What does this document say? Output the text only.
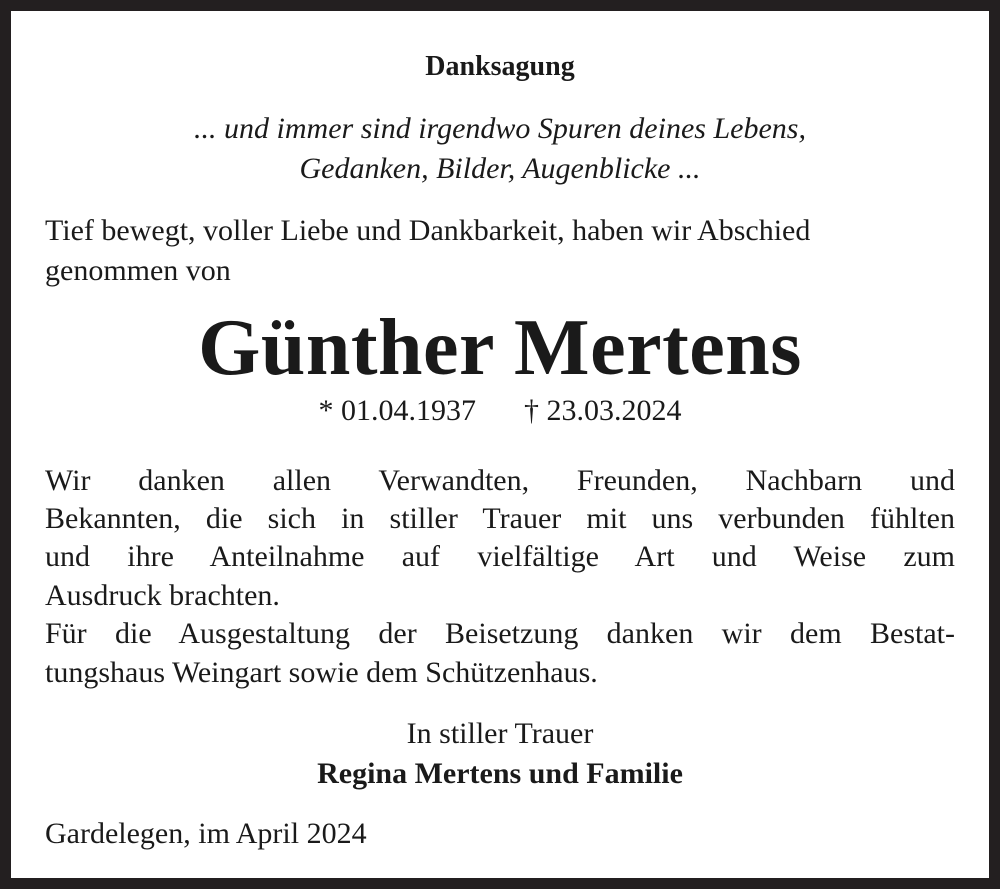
Danksagung
... und immer sind irgendwo Spuren deines Lebens,
Gedanken, Bilder, Augenblicke ...
Tief bewegt, voller Liebe und Dankbarkeit, haben wir Abschied
genommen von
Günther Mertens
* 01.04.1937 † 23.03.2024
Wir danken allen Verwandten, Freunden, Nachbarn und
Bekannten, die sich in stiller Trauer mit uns verbunden fühlten
und ihre Anteilnahme auf vielfältige Art und Weise zum
Ausdruck brachten.
Für die Ausgestaltung der Beisetzung danken wir dem Bestat-
tungshaus Weingart sowie dem Schützenhaus.
In stiller Trauer
Regina Mertens und Familie
Gardelegen, im April 2024
